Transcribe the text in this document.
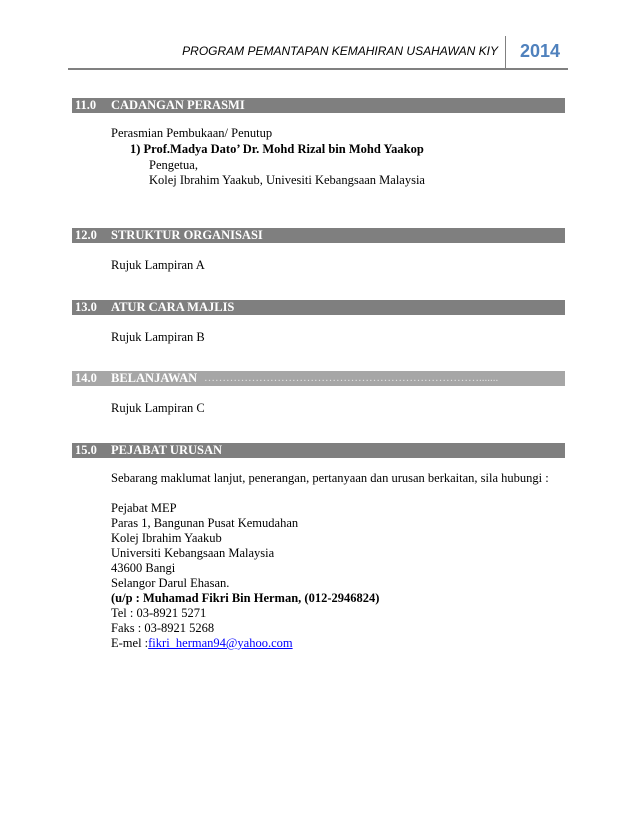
PROGRAM PEMANTAPAN KEMAHIRAN USAHAWAN KIY 2014
11.0 CADANGAN PERASMI
Perasmian Pembukaan/ Penutup
1) Prof.Madya Dato’ Dr. Mohd Rizal bin Mohd Yaakop
Pengetua,
Kolej Ibrahim Yaakub, Univesiti Kebangsaan Malaysia
12.0 STRUKTUR ORGANISASI
Rujuk Lampiran A
13.0 ATUR CARA MAJLIS
Rujuk Lampiran B
14.0 BELANJAWAN ………………………………………………………………….......
Rujuk Lampiran C
15.0 PEJABAT URUSAN
Sebarang maklumat lanjut, penerangan, pertanyaan dan urusan berkaitan, sila hubungi :
Pejabat MEP
Paras 1, Bangunan Pusat Kemudahan
Kolej Ibrahim Yaakub
Universiti Kebangsaan Malaysia
43600 Bangi
Selangor Darul Ehasan.
(u/p : Muhamad Fikri Bin Herman, (012-2946824)
Tel : 03-8921 5271
Faks : 03-8921 5268
E-mel :fikri_herman94@yahoo.com
